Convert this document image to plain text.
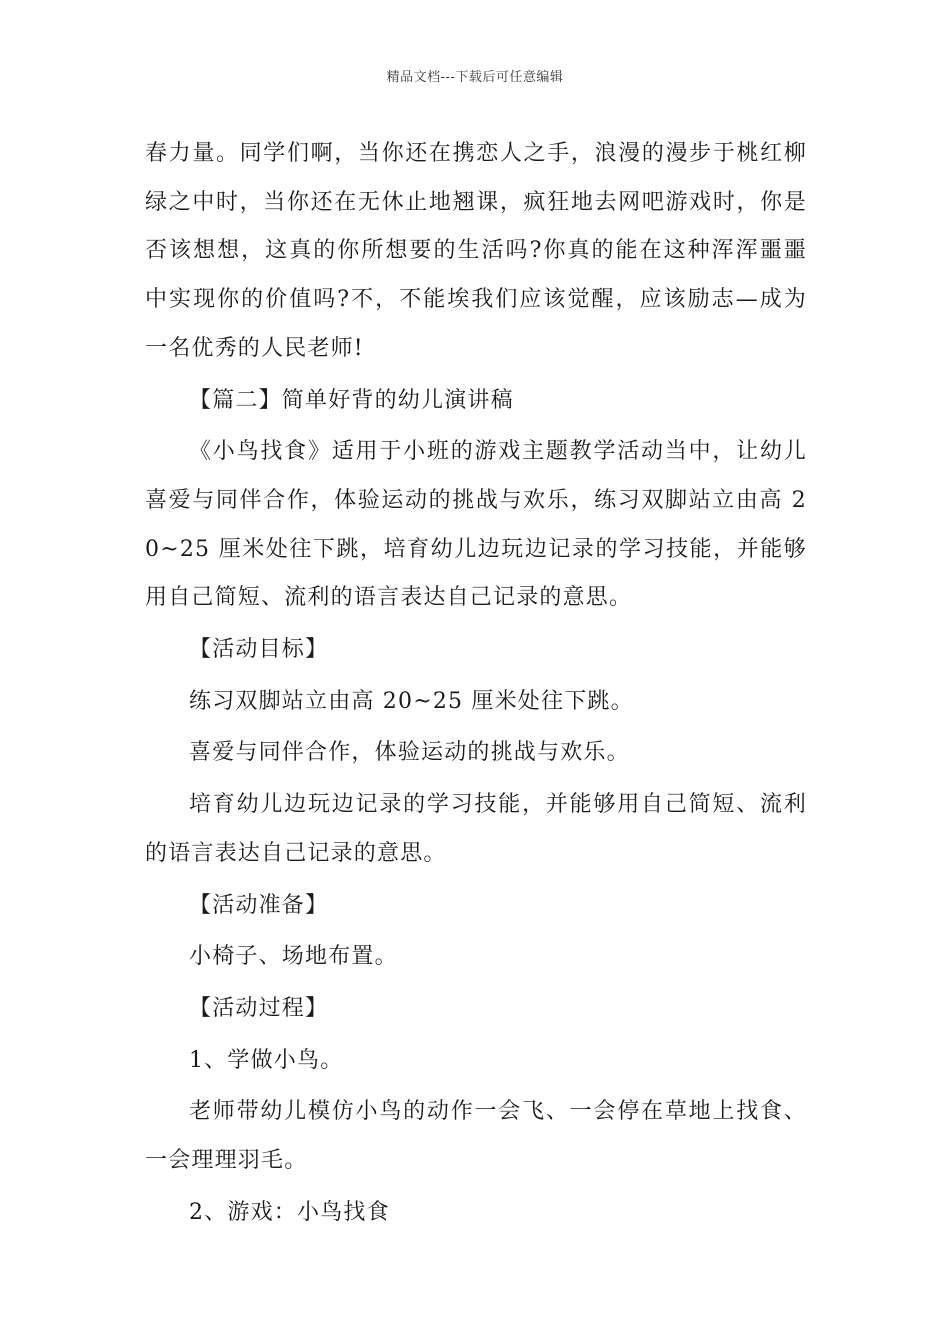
精品文档---下载后可任意编辑

春力量。同学们啊，当你还在携恋人之手，浪漫的漫步于桃红柳绿之中时，当你还在无休止地翘课，疯狂地去网吧游戏时，你是否该想想，这真的你所想要的生活吗?你真的能在这种浑浑噩噩中实现你的价值吗?不，不能埃我们应该觉醒，应该励志—成为一名优秀的人民老师!

【篇二】简单好背的幼儿演讲稿

《小鸟找食》适用于小班的游戏主题教学活动当中，让幼儿喜爱与同伴合作，体验运动的挑战与欢乐，练习双脚站立由高 20~25 厘米处往下跳，培育幼儿边玩边记录的学习技能，并能够用自己简短、流利的语言表达自己记录的意思。

【活动目标】

练习双脚站立由高 20~25 厘米处往下跳。

喜爱与同伴合作，体验运动的挑战与欢乐。

培育幼儿边玩边记录的学习技能，并能够用自己简短、流利的语言表达自己记录的意思。

【活动准备】

小椅子、场地布置。

【活动过程】

1、学做小鸟。

老师带幼儿模仿小鸟的动作一会飞、一会停在草地上找食、一会理理羽毛。

2、游戏：小鸟找食
